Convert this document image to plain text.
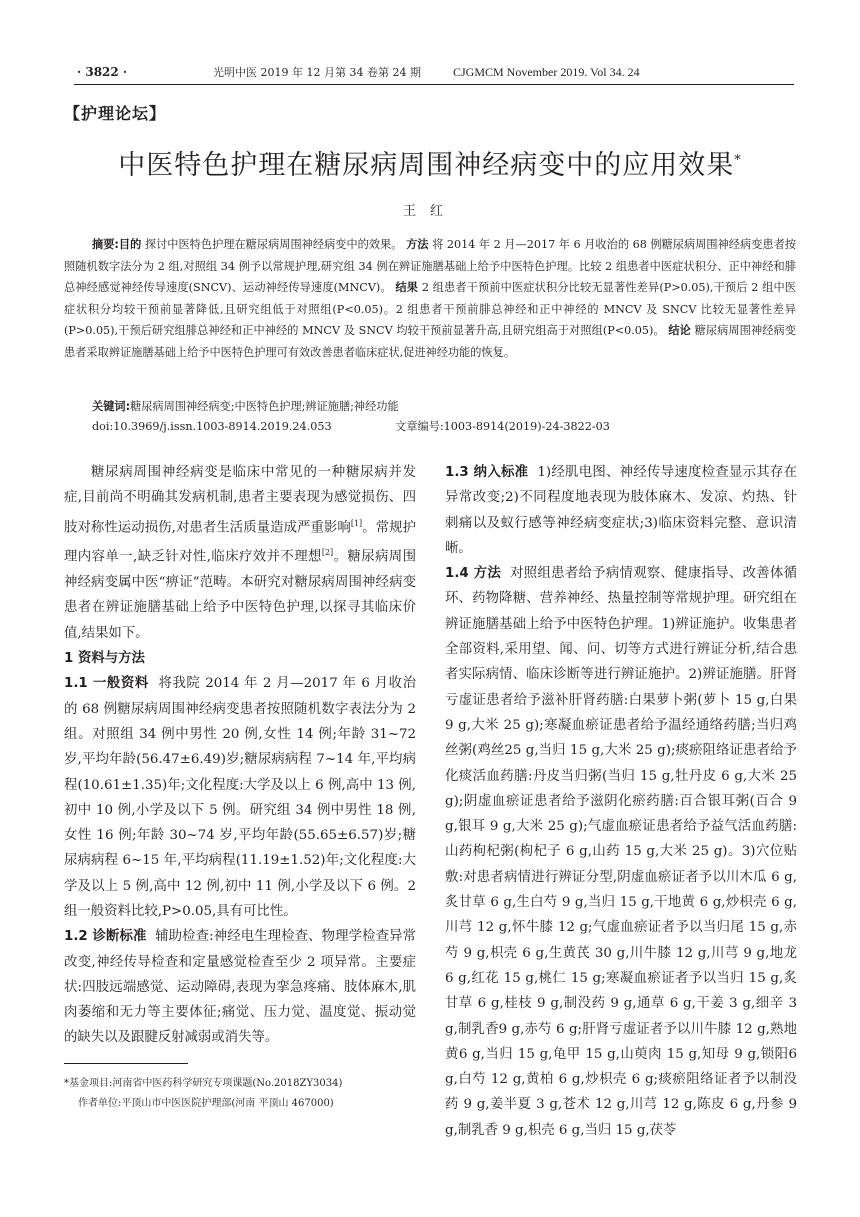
· 3822 ·	光明中医 2019 年 12 月第 34 卷第 24 期	CJGMCM November 2019. Vol 34. 24
【护理论坛】
中医特色护理在糖尿病周围神经病变中的应用效果*
王红
摘要:目的 探讨中医特色护理在糖尿病周围神经病变中的效果。 方法 将 2014 年 2 月—2017 年 6 月收治的 68 例糖尿病周围神经病变患者按照随机数字法分为 2 组,对照组 34 例予以常规护理,研究组 34 例在辨证施膳基础上给予中医特色护理。比较 2 组患者中医症状积分、正中神经和腓总神经感觉神经传导速度(SNCV)、运动神经传导速度(MNCV)。 结果 2 组患者干预前中医症状积分比较无显著性差异(P>0.05),干预后 2 组中医症状积分均较干预前显著降低,且研究组低于对照组(P<0.05)。2 组患者干预前腓总神经和正中神经的 MNCV 及 SNCV 比较无显著性差异(P>0.05),干预后研究组腓总神经和正中神经的 MNCV 及 SNCV 均较干预前显著升高,且研究组高于对照组(P<0.05)。 结论 糖尿病周围神经病变患者采取辨证施膳基础上给予中医特色护理可有效改善患者临床症状,促进神经功能的恢复。
关键词:糖尿病周围神经病变;中医特色护理;辨证施膳;神经功能
doi:10.3969/j.issn.1003-8914.2019.24.053	文章编号:1003-8914(2019)-24-3822-03

糖尿病周围神经病变是临床中常见的一种糖尿病并发症,目前尚不明确其发病机制,患者主要表现为感觉损伤、四肢对称性运动损伤,对患者生活质量造成严重影响[1]。常规护理内容单一,缺乏针对性,临床疗效并不理想[2]。糖尿病周围神经病变属中医“痹证”范畴。本研究对糖尿病周围神经病变患者在辨证施膳基础上给予中医特色护理,以探寻其临床价值,结果如下。

1 资料与方法

1.1 一般资料 将我院 2014 年 2 月—2017 年 6 月收治的 68 例糖尿病周围神经病变患者按照随机数字表法分为 2 组。对照组 34 例中男性 20 例,女性 14 例;年龄 31~72 岁,平均年龄(56.47±6.49)岁;糖尿病病程 7~14 年,平均病程(10.61±1.35)年;文化程度:大学及以上 6 例,高中 13 例,初中 10 例,小学及以下 5 例。研究组 34 例中男性 18 例,女性 16 例;年龄 30~74 岁,平均年龄(55.65±6.57)岁;糖尿病病程 6~15 年,平均病程(11.19±1.52)年;文化程度:大学及以上 5 例,高中 12 例,初中 11 例,小学及以下 6 例。2 组一般资料比较,P>0.05,具有可比性。

1.2 诊断标准 辅助检查:神经电生理检查、物理学检查异常改变,神经传导检查和定量感觉检查至少 2 项异常。主要症状:四肢远端感觉、运动障碍,表现为挛急疼痛、肢体麻木,肌肉萎缩和无力等主要体征;痛觉、压力觉、温度觉、振动觉的缺失以及跟腱反射减弱或消失等。

1.3 纳入标准 1)经肌电图、神经传导速度检查显示其存在异常改变;2)不同程度地表现为肢体麻木、发凉、灼热、针刺痛以及蚁行感等神经病变症状;3)临床资料完整、意识清晰。

1.4 方法 对照组患者给予病情观察、健康指导、改善体循环、药物降糖、营养神经、热量控制等常规护理。研究组在辨证施膳基础上给予中医特色护理。1)辨证施护。收集患者全部资料,采用望、闻、问、切等方式进行辨证分析,结合患者实际病情、临床诊断等进行辨证施护。2)辨证施膳。肝肾亏虚证患者给予滋补肝肾药膳:白果萝卜粥(萝卜 15 g,白果 9 g,大米 25 g);寒凝血瘀证患者给予温经通络药膳;当归鸡丝粥(鸡丝25 g,当归 15 g,大米 25 g);痰瘀阻络证患者给予化痰活血药膳:丹皮当归粥(当归 15 g,牡丹皮 6 g,大米 25 g);阴虚血瘀证患者给予滋阴化瘀药膳:百合银耳粥(百合 9 g,银耳 9 g,大米 25 g);气虚血瘀证患者给予益气活血药膳:山药枸杞粥(枸杞子 6 g,山药 15 g,大米 25 g)。3)穴位贴敷:对患者病情进行辨证分型,阴虚血瘀证者予以川木瓜 6 g,炙甘草 6 g,生白芍 9 g,当归 15 g,干地黄 6 g,炒枳壳 6 g,川芎 12 g,怀牛膝 12 g;气虚血瘀证者予以当归尾 15 g,赤芍 9 g,枳壳 6 g,生黄芪 30 g,川牛膝 12 g,川芎 9 g,地龙 6 g,红花 15 g,桃仁 15 g;寒凝血瘀证者予以当归 15 g,炙甘草 6 g,桂枝 9 g,制没药 9 g,通草 6 g,干姜 3 g,细辛 3 g,制乳香9 g,赤芍 6 g;肝肾亏虚证者予以川牛膝 12 g,熟地黄6 g,当归 15 g,龟甲 15 g,山萸肉 15 g,知母 9 g,锁阳6 g,白芍 12 g,黄柏 6 g,炒枳壳 6 g;痰瘀阻络证者予以制没药 9 g,姜半夏 3 g,苍术 12 g,川芎 12 g,陈皮 6 g,丹参 9 g,制乳香 9 g,枳壳 6 g,当归 15 g,茯苓

*基金项目:河南省中医药科学研究专项课题(No.2018ZY3034)
作者单位:平顶山市中医医院护理部(河南 平顶山 467000)
